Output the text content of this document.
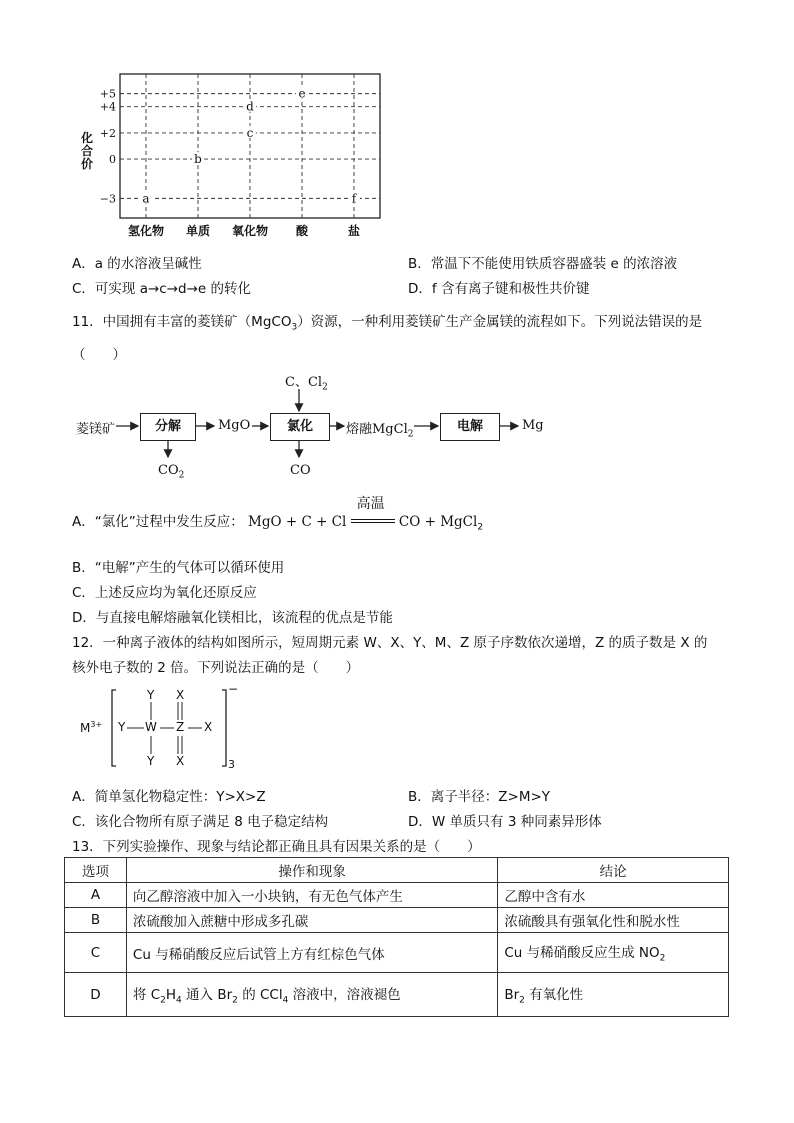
+5
+4
+2
0
−3
氢化物 单质 氧化物 酸	盐
a
b
c
d
e
f
化合价
A．a 的水溶液呈碱性	B．常温下不能使用铁质容器盛装 e 的浓溶液
C．可实现 a→c→d→e 的转化	D．f 含有离子键和极性共价键
11．中国拥有丰富的菱镁矿（MgCO$_3$）资源，一种利用菱镁矿生产金属镁的流程如下。下列说法错误的是
（　　）
菱镁矿	分解	MgO	氯化
C、$Cl_2$
熔融MgCl$_2$
电解	Mg
$CO_2$	CO
A．“氯化”过程中发生反应： MgO + C + Cl
高温
CO + MgCl$_2$
B．“电解”产生的气体可以循环使用
C．上述反应均为氧化还原反应
D．与直接电解熔融氧化镁相比，该流程的优点是节能
12．一种离子液体的结构如图所示，短周期元素 W、X、Y、M、Z 原子序数依次递增，Z 的质子数是 X 的
核外电子数的 2 倍。下列说法正确的是（　　）
$M^{3+}$ Y W
Y
Y
Z
X
X
X
−
3
A．简单氢化物稳定性：Y>X>Z	B．离子半径：Z>M>Y
C．该化合物所有原子满足 8 电子稳定结构	D．W 单质只有 3 种同素异形体
13．下列实验操作、现象与结论都正确且具有因果关系的是（　　）
选项	操作和现象	结论
A	向乙醇溶液中加入一小块钠，有无色气体产生	乙醇中含有水
B	浓硫酸加入蔗糖中形成多孔碳	浓硫酸具有强氧化性和脱水性
C	Cu 与稀硝酸反应后试管上方有红棕色气体	Cu 与稀硝酸反应生成 $NO_2$
D	将 $C_2H_4$ 通入 $Br_2$ 的 CCl$_4$ 溶液中，溶液褪色	$Br_2$ 有氧化性
